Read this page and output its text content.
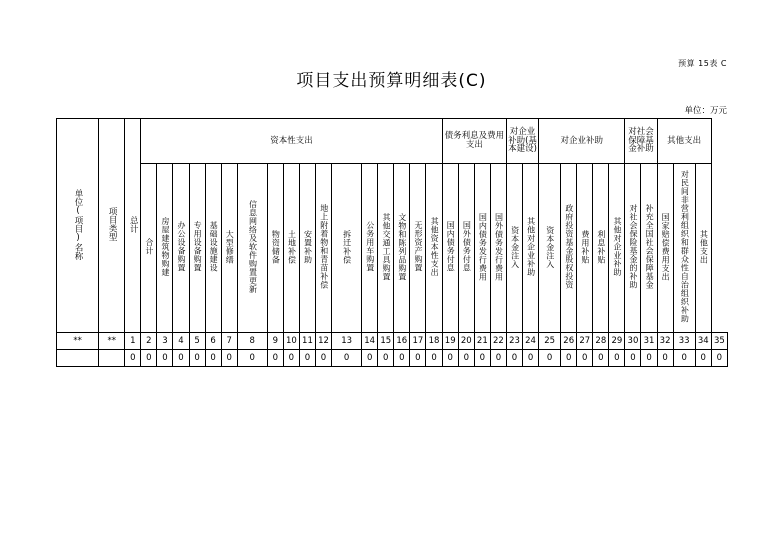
预算 15表 C
项目支出预算明细表(C)
单位：万元
单位(项目)名称	项目类型	总计	资本性支出																	债务利息及费用支出				对企业补助(基本建设)		对企业补助					对社会保障基金补助		其他支出			
			合计	房屋建筑物购建	办公设备购置	专用设备购置	基础设施建设	大型修缮	信息网络及软件购置更新	物资储备	土地补偿	安置补助	地上附着物和青苗补偿	拆迁补偿	公务用车购置	其他交通工具购置	文物和陈列品购置	无形资产购置	其他资本性支出	国内债务付息	国外债务付息	国内债务发行费用	国外债务发行费用	资本金注入	其他对企业补助	资本金注入	政府投资基金股权投资	费用补贴	利息补贴	其他对企业补助	对社会保险基金的补助	补充全国社会保障基金	国家赔偿费用支出	对民间非营利组织和群众性自治组织补助	其他支出	
**	**	1	2	3	4	5	6	7	8	9	10	11	12	13	14	15	16	17	18	19	20	21	22	23	24	25	26	27	28	29	30	31	32	33	34	35
		0	0	0	0	0	0	0	0	0	0	0	0	0	0	0	0	0	0	0	0	0	0	0	0	0	0	0	0	0	0	0	0	0	0	0
